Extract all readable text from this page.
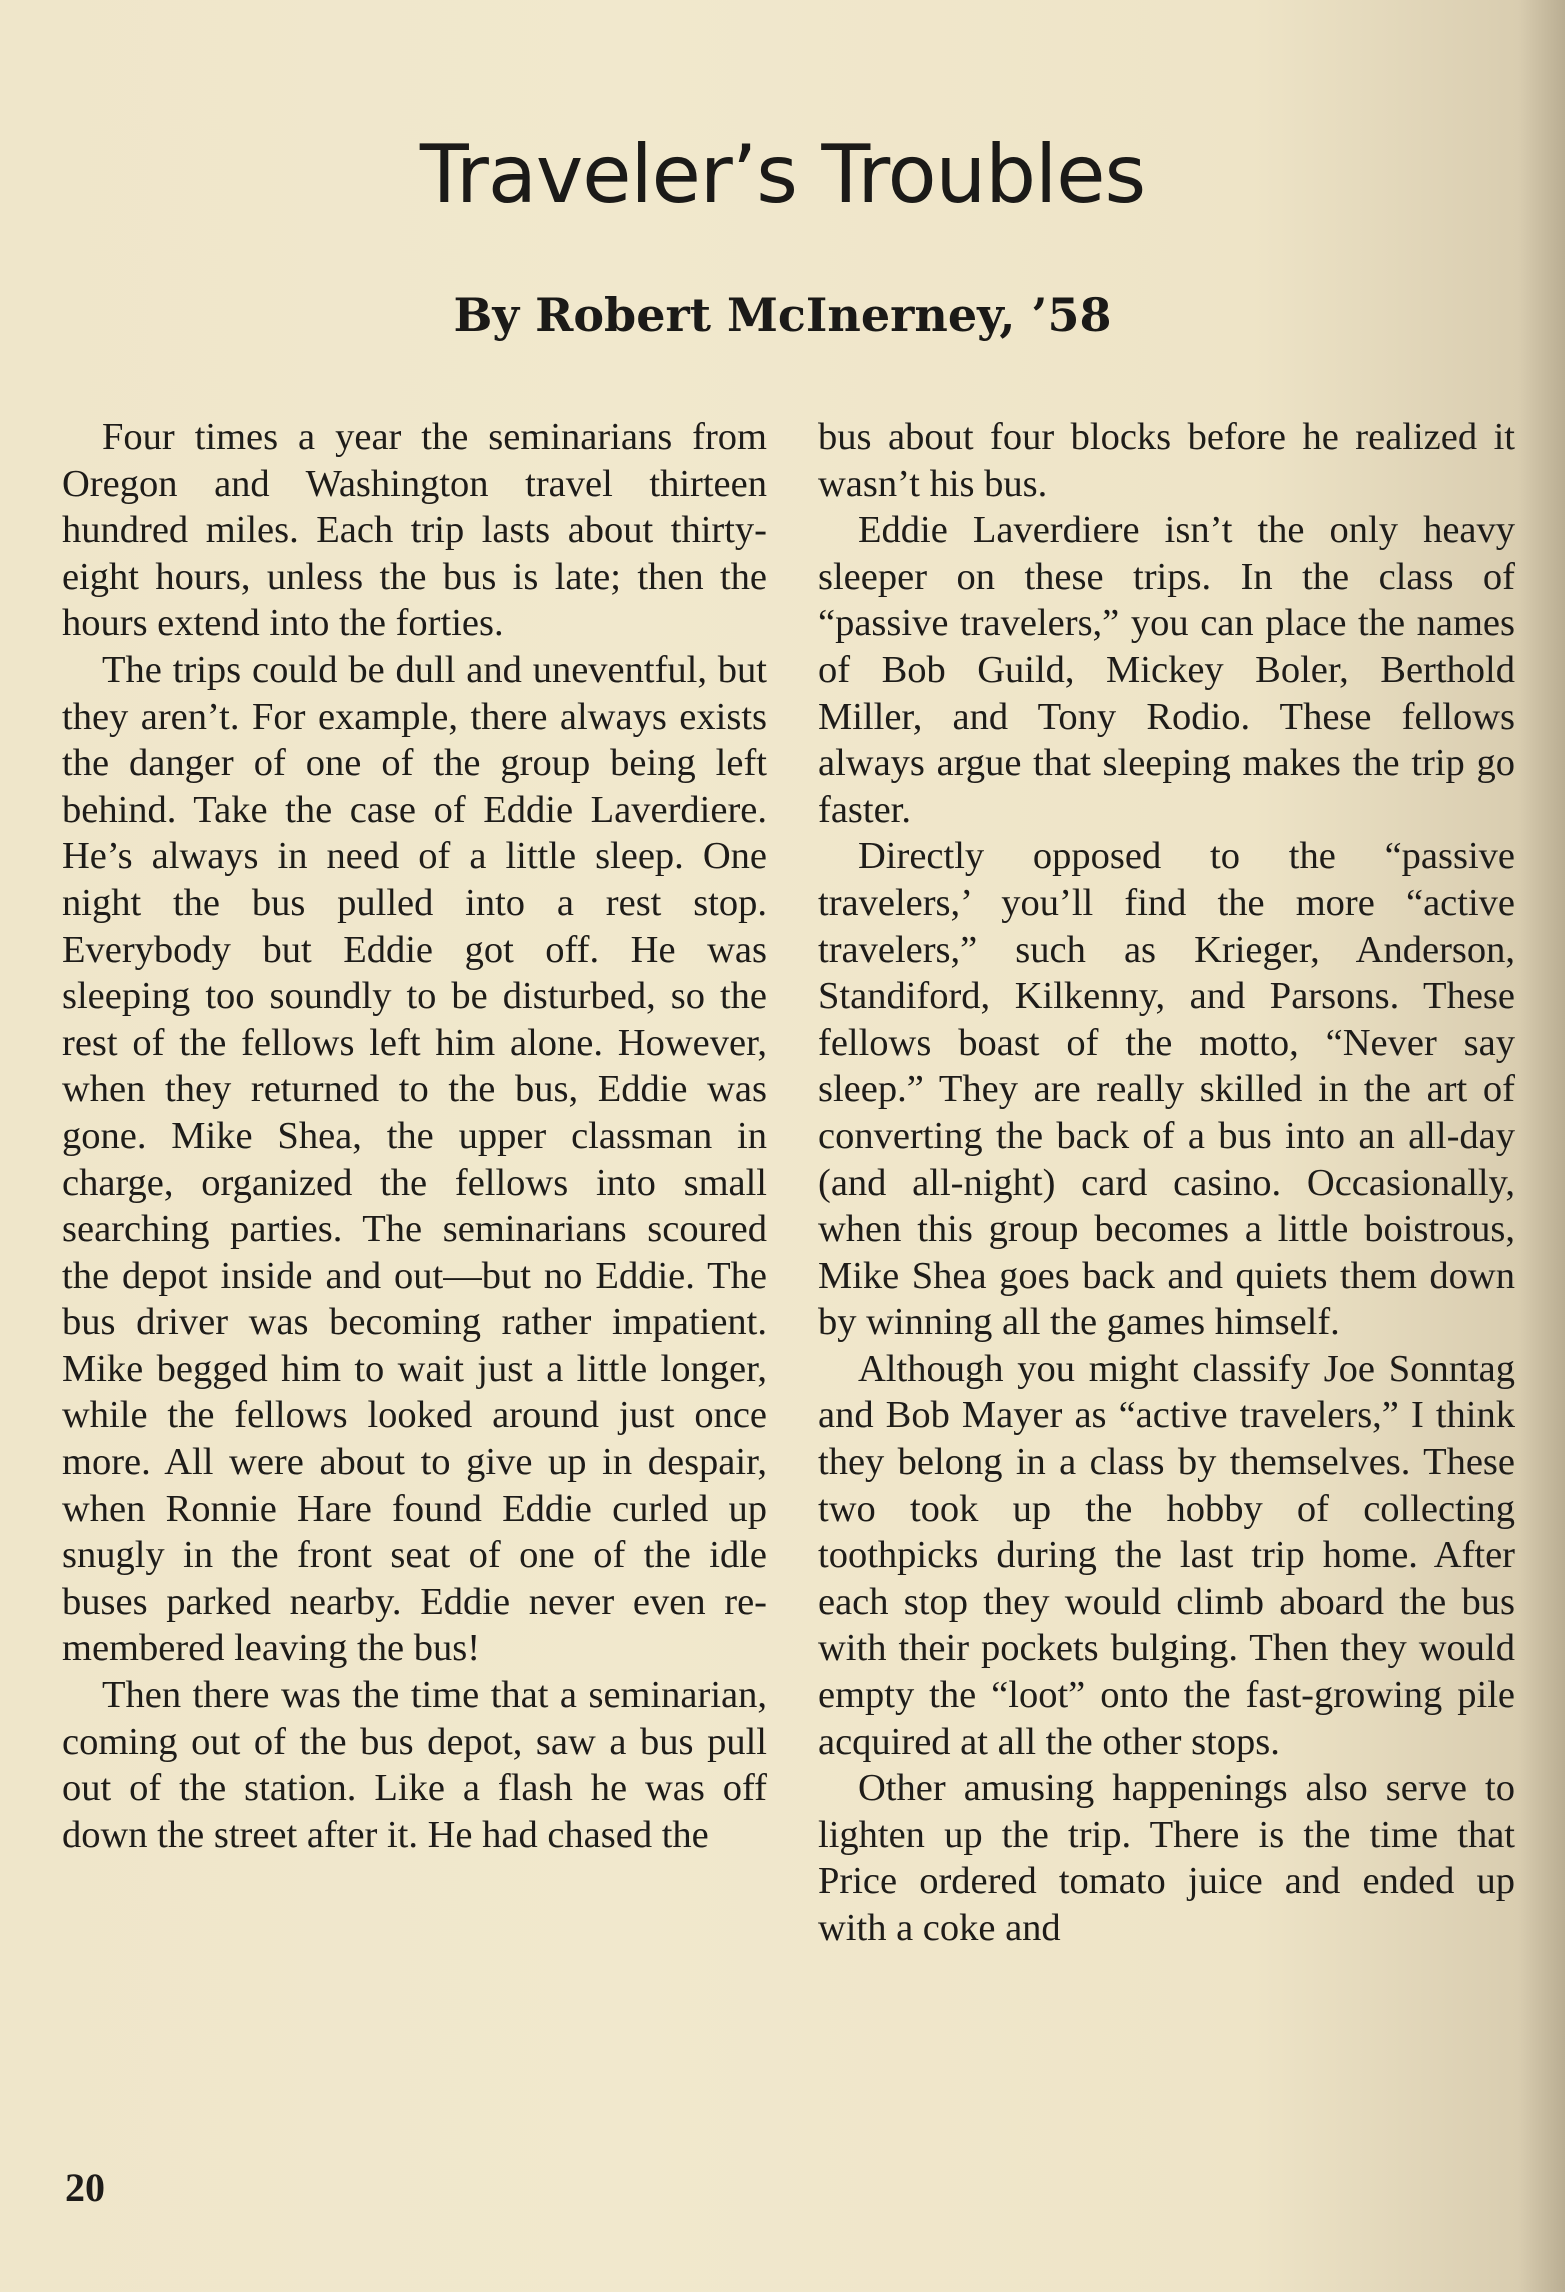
Traveler’s Troubles
By Robert McInerney, ’58

Four times a year the seminarians from Oregon and Washington travel thirteen hundred miles. Each trip lasts about thirty-eight hours, unless the bus is late; then the hours extend into the forties.

The trips could be dull and uneventful, but they aren’t. For example, there always exists the danger of one of the group being left behind. Take the case of Eddie Laverdiere. He’s always in need of a little sleep. One night the bus pulled into a rest stop. Everybody but Eddie got off. He was sleeping too soundly to be disturbed, so the rest of the fellows left him alone. However, when they returned to the bus, Eddie was gone. Mike Shea, the upper classman in charge, organized the fellows into small searching parties. The seminarians scoured the depot inside and out—but no Eddie. The bus driver was becoming rather impatient. Mike begged him to wait just a little longer, while the fellows looked around just once more. All were about to give up in despair, when Ronnie Hare found Eddie curled up snugly in the front seat of one of the idle buses parked nearby. Eddie never even remembered leaving the bus!

Then there was the time that a seminarian, coming out of the bus depot, saw a bus pull out of the station. Like a flash he was off down the street after it. He had chased the

bus about four blocks before he realized it wasn’t his bus.

Eddie Laverdiere isn’t the only heavy sleeper on these trips. In the class of “passive travelers,” you can place the names of Bob Guild, Mickey Boler, Berthold Miller, and Tony Rodio. These fellows always argue that sleeping makes the trip go faster.

Directly opposed to the “passive travelers,’ you’ll find the more “active travelers,” such as Krieger, Anderson, Standiford, Kilkenny, and Parsons. These fellows boast of the motto, “Never say sleep.” They are really skilled in the art of converting the back of a bus into an all-day (and all-night) card casino. Occasionally, when this group becomes a little boistrous, Mike Shea goes back and quiets them down by winning all the games himself.

Although you might classify Joe Sonntag and Bob Mayer as “active travelers,” I think they belong in a class by themselves. These two took up the hobby of collecting toothpicks during the last trip home. After each stop they would climb aboard the bus with their pockets bulging. Then they would empty the “loot” onto the fast-growing pile acquired at all the other stops.

Other amusing happenings also serve to lighten up the trip. There is the time that Price ordered tomato juice and ended up with a coke and

20
